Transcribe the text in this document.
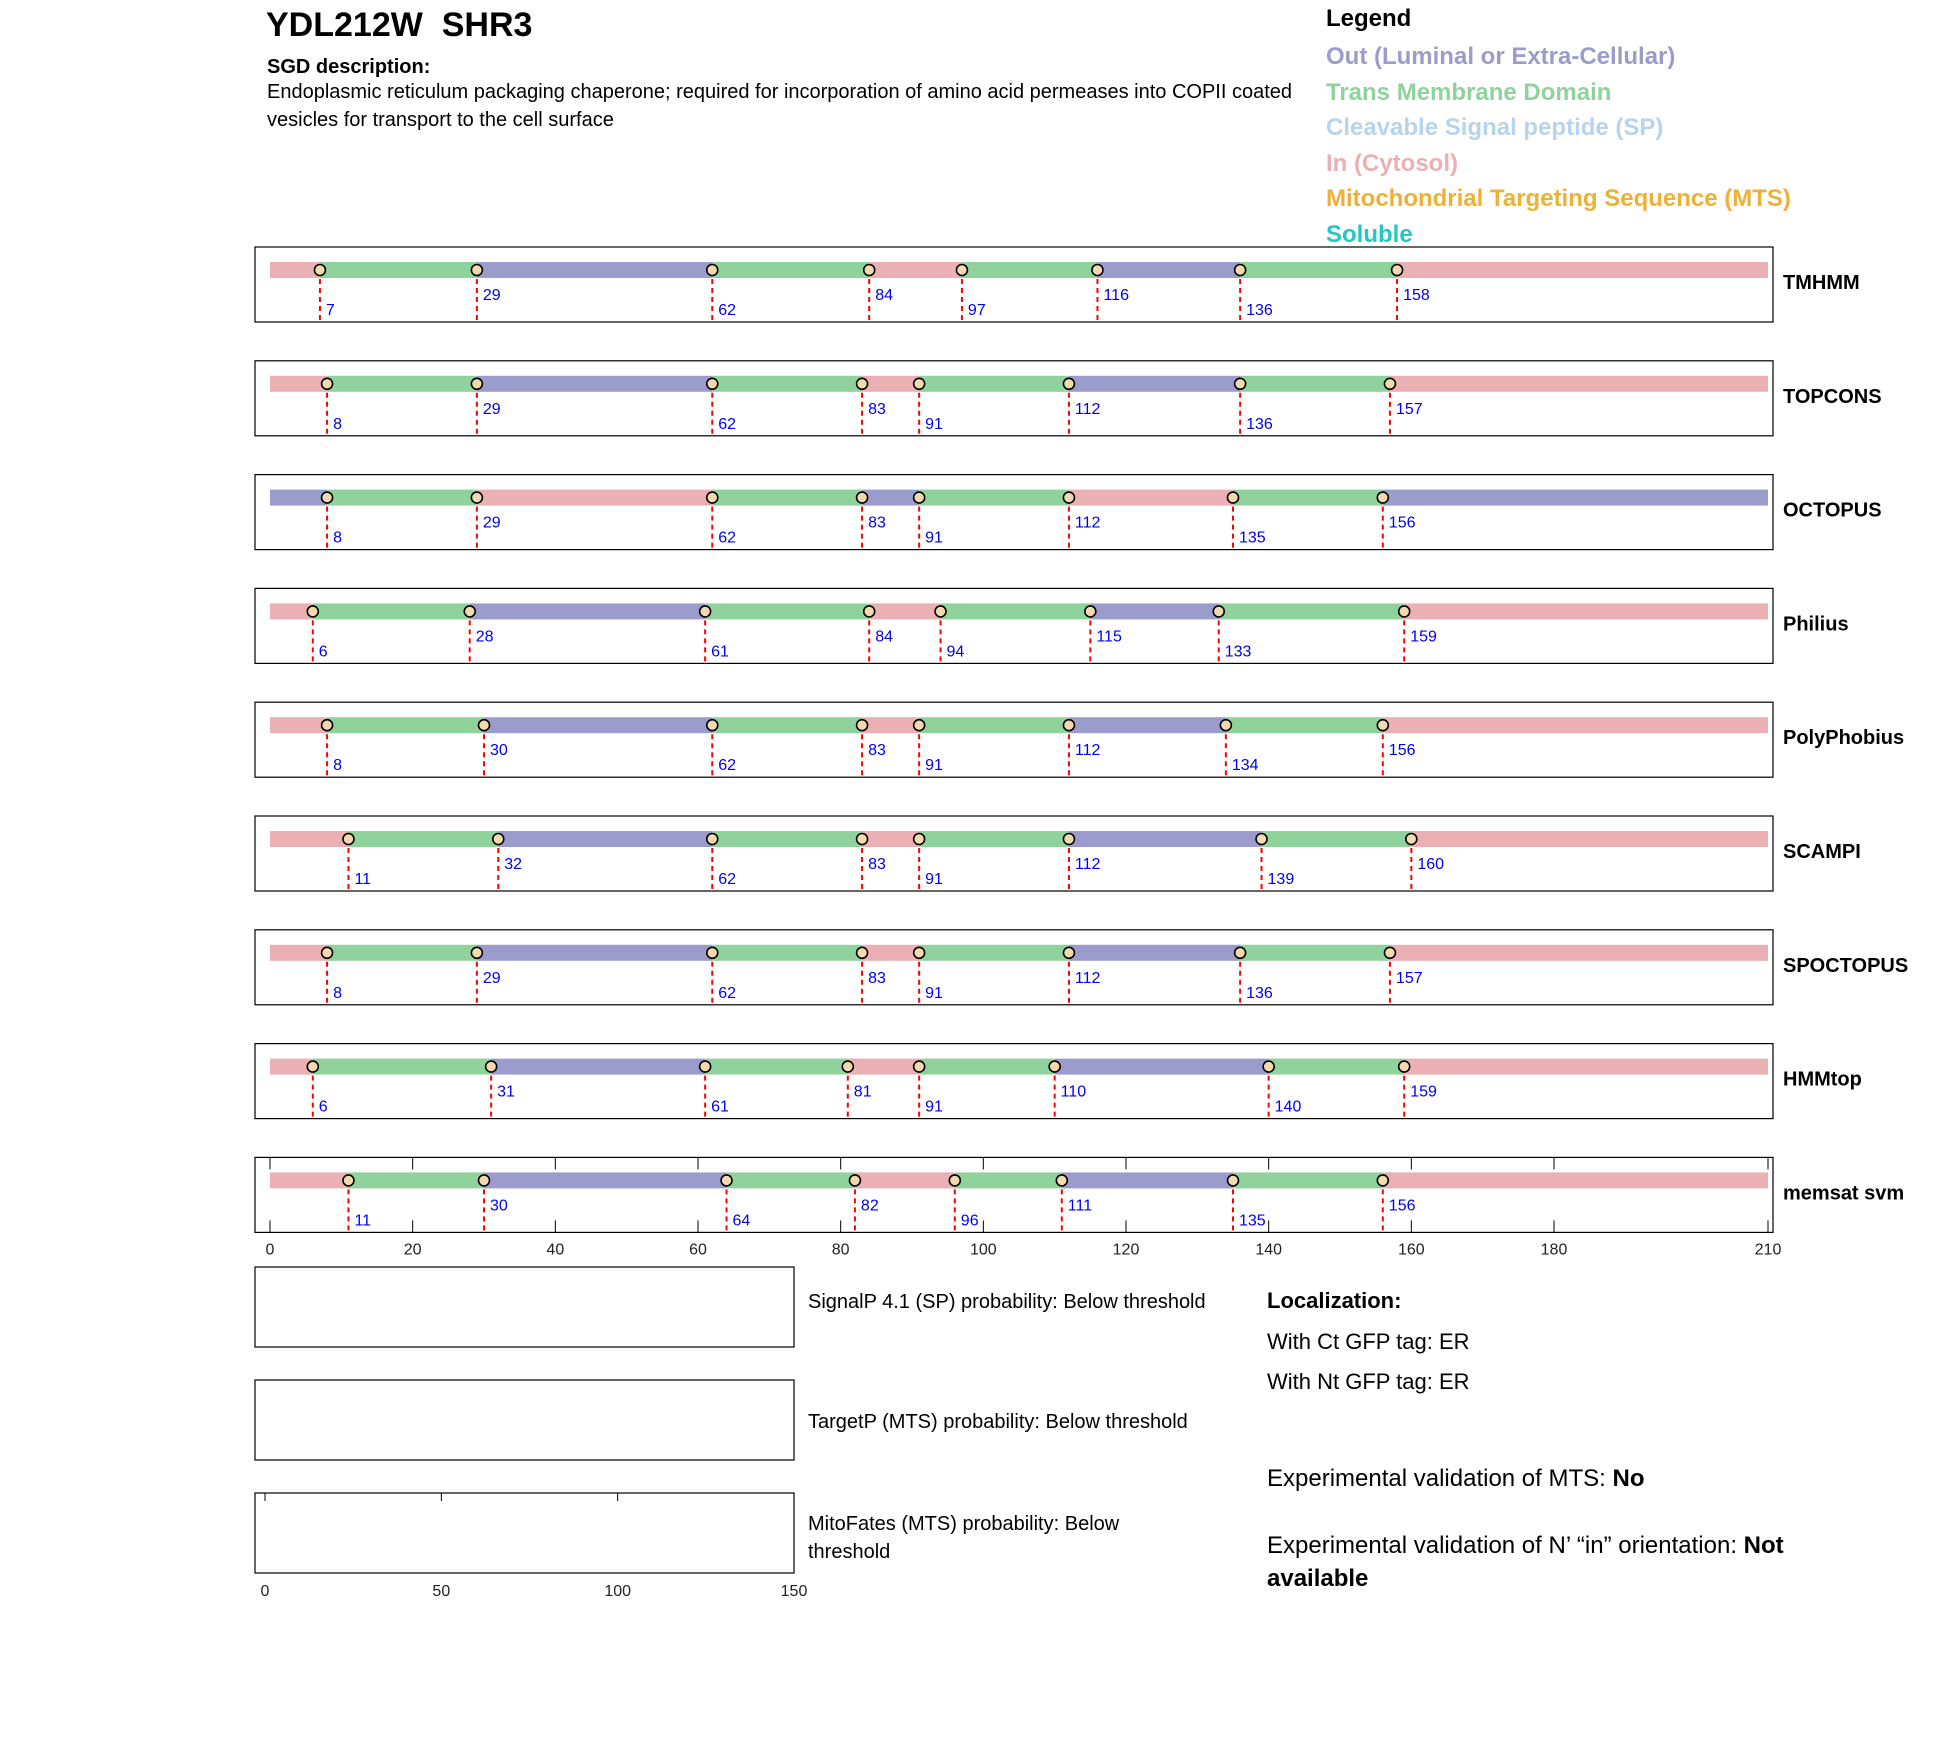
YDL212W  SHR3
SGD description:
Endoplasmic reticulum packaging chaperone; required for incorporation of amino acid permeases into COPII coated vesicles for transport to the cell surface
Legend
Out (Luminal or Extra-Cellular)
Trans Membrane Domain
Cleavable Signal peptide (SP)
In (Cytosol)
Mitochondrial Targeting Sequence (MTS)
Soluble
7
29
62
84
97
116
136
158
TMHMM
8
29
62
83
91
112
136
157
TOPCONS
8
29
62
83
91
112
135
156
OCTOPUS
6
28
61
84
94
115
133
159
Philius
8
30
62
83
91
112
134
156
PolyPhobius
11
32
62
83
91
112
139
160
SCAMPI
8
29
62
83
91
112
136
157
SPOCTOPUS
6
31
61
81
91
110
140
159
HMMtop
11
30
64
82
96
111
135
156
memsat svm
0	20	40	60	80	100	120	140	160	180	210
0	50	100	150
SignalP 4.1 (SP) probability: Below threshold
TargetP (MTS) probability: Below threshold
MitoFates (MTS) probability: Below threshold
Localization:
With Ct GFP tag: ER
With Nt GFP tag: ER
Experimental validation of MTS: No
Experimental validation of N’ “in” orientation: Not available
